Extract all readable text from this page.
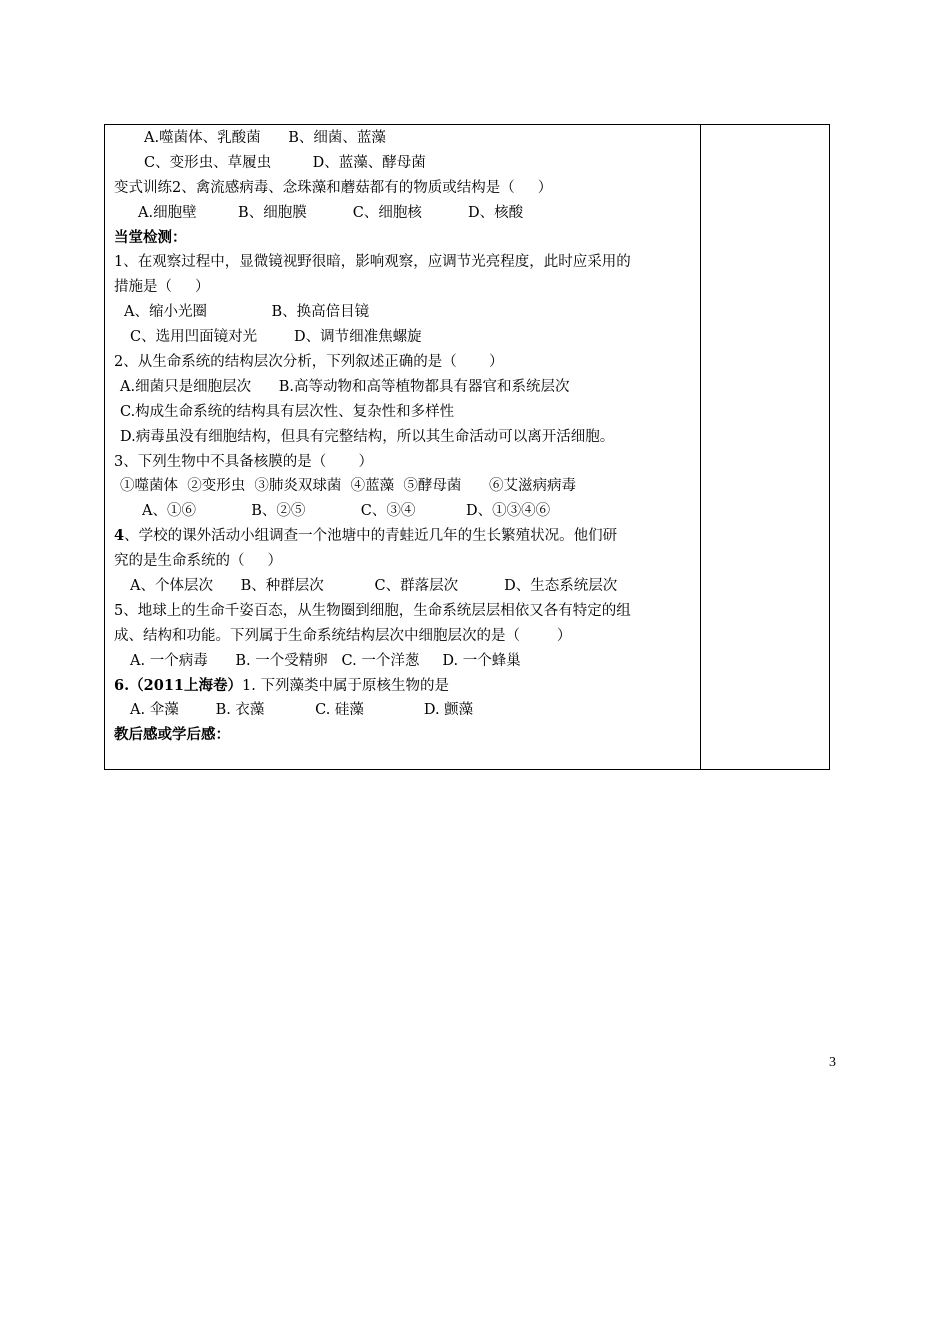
A.噬菌体、乳酸菌      B、细菌、蓝藻
C、变形虫、草履虫         D、蓝藻、酵母菌
变式训练2、禽流感病毒、念珠藻和蘑菇都有的物质或结构是（     ）
A.细胞壁         B、细胞膜          C、细胞核          D、核酸
当堂检测：
1、在观察过程中，显微镜视野很暗，影响观察，应调节光亮程度，此时应采用的
措施是（     ）
A、缩小光圈              B、换高倍目镜
C、选用凹面镜对光        D、调节细准焦螺旋
2、从生命系统的结构层次分析，下列叙述正确的是（       ）
A.细菌只是细胞层次      B.高等动物和高等植物都具有器官和系统层次
C.构成生命系统的结构具有层次性、复杂性和多样性
D.病毒虽没有细胞结构，但具有完整结构，所以其生命活动可以离开活细胞。
3、下列生物中不具备核膜的是（       ）
①噬菌体  ②变形虫  ③肺炎双球菌  ④蓝藻  ⑤酵母菌      ⑥艾滋病病毒
A、①⑥            B、②⑤            C、③④           D、①③④⑥
4、学校的课外活动小组调查一个池塘中的青蛙近几年的生长繁殖状况。他们研
究的是生命系统的（     ）
A、个体层次      B、种群层次           C、群落层次          D、生态系统层次
5、地球上的生命千姿百态，从生物圈到细胞，生命系统层层相依又各有特定的组
成、结构和功能。下列属于生命系统结构层次中细胞层次的是（        ）
A. 一个病毒      B. 一个受精卵   C. 一个洋葱     D. 一个蜂巢
6.（2011上海卷）1. 下列藻类中属于原核生物的是
A. 伞藻        B. 衣藻           C. 硅藻             D. 颤藻
教后感或学后感：
3
